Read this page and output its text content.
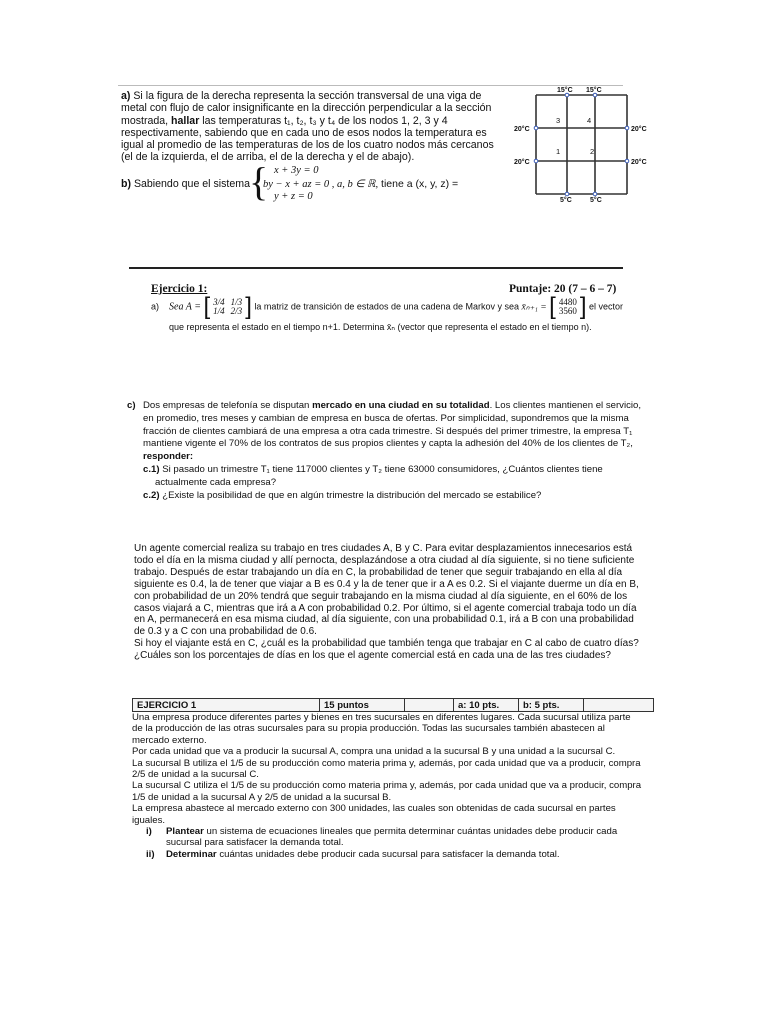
a) Si la figura de la derecha representa la sección transversal de una viga de
metal con flujo de calor insignificante en la dirección perpendicular a la sección
mostrada, hallar las temperaturas t₁, t₂, t₃ y t₄ de los nodos 1, 2, 3 y 4
respectivamente, sabiendo que en cada uno de esos nodos la temperatura es
igual al promedio de las temperaturas de los de los cuatro nodos más cercanos
(el de la izquierda, el de arriba, el de la derecha y el de abajo).
b) Sabiendo que el sistema { x + 3y = 0
by − x + az = 0 , a, b ∈ ℝ, tiene a (x, y, z) =
y + z = 0
15°C 15°C
20°C
20°C
20°C
20°C
5°C	5°C
3	4
1	2
Ejercicio 1:	Puntaje: 20 (7 – 6 – 7)
a) Sea A = [ 3/4	1/3
1/4	2/3 ] la matriz de transición de estados de una cadena de Markov y sea x̄ₙ₊₁ = [ 4480
3560 ] el vector
que representa el estado en el tiempo n+1. Determina x̄ₙ (vector que representa el estado en el tiempo n).
c) Dos empresas de telefonía se disputan mercado en una ciudad en su totalidad. Los clientes mantienen el servicio,
en promedio, tres meses y cambian de empresa en busca de ofertas. Por simplicidad, supondremos que la misma
fracción de clientes cambiará de una empresa a otra cada trimestre. Si después del primer trimestre, la empresa T₁
mantiene vigente el 70% de los contratos de sus propios clientes y capta la adhesión del 40% de los clientes de T₂,
responder:
c.1) Si pasado un trimestre T₁ tiene 117000 clientes y T₂ tiene 63000 consumidores, ¿Cuántos clientes tiene
actualmente cada empresa?
c.2) ¿Existe la posibilidad de que en algún trimestre la distribución del mercado se estabilice?
Un agente comercial realiza su trabajo en tres ciudades A, B y C. Para evitar desplazamientos innecesarios está
todo el día en la misma ciudad y allí pernocta, desplazándose a otra ciudad al día siguiente, si no tiene suficiente
trabajo. Después de estar trabajando un día en C, la probabilidad de tener que seguir trabajando en ella al día
siguiente es 0.4, la de tener que viajar a B es 0.4 y la de tener que ir a A es 0.2. Si el viajante duerme un día en B,
con probabilidad de un 20% tendrá que seguir trabajando en la misma ciudad al día siguiente, en el 60% de los
casos viajará a C, mientras que irá a A con probabilidad 0.2. Por último, si el agente comercial trabaja todo un día
en A, permanecerá en esa misma ciudad, al día siguiente, con una probabilidad 0.1, irá a B con una probabilidad
de 0.3 y a C con una probabilidad de 0.6.
Si hoy el viajante está en C, ¿cuál es la probabilidad que también tenga que trabajar en C al cabo de cuatro días?
¿Cuáles son los porcentajes de días en los que el agente comercial está en cada una de las tres ciudades?
EJERCICIO 1	15 puntos		a: 10 pts.	b: 5 pts.	
Una empresa produce diferentes partes y bienes en tres sucursales en diferentes lugares. Cada sucursal utiliza parte
de la producción de las otras sucursales para su propia producción. Todas las sucursales también abastecen al
mercado externo.
Por cada unidad que va a producir la sucursal A, compra una unidad a la sucursal B y una unidad a la sucursal C.
La sucursal B utiliza el 1/5 de su producción como materia prima y, además, por cada unidad que va a producir, compra
2/5 de unidad a la sucursal C.
La sucursal C utiliza el 1/5 de su producción como materia prima y, además, por cada unidad que va a producir, compra
1/5 de unidad a la sucursal A y 2/5 de unidad a la sucursal B.
La empresa abastece al mercado externo con 300 unidades, las cuales son obtenidas de cada sucursal en partes
iguales.
i) Plantear un sistema de ecuaciones lineales que permita determinar cuántas unidades debe producir cada
sucursal para satisfacer la demanda total.
ii) Determinar cuántas unidades debe producir cada sucursal para satisfacer la demanda total.
